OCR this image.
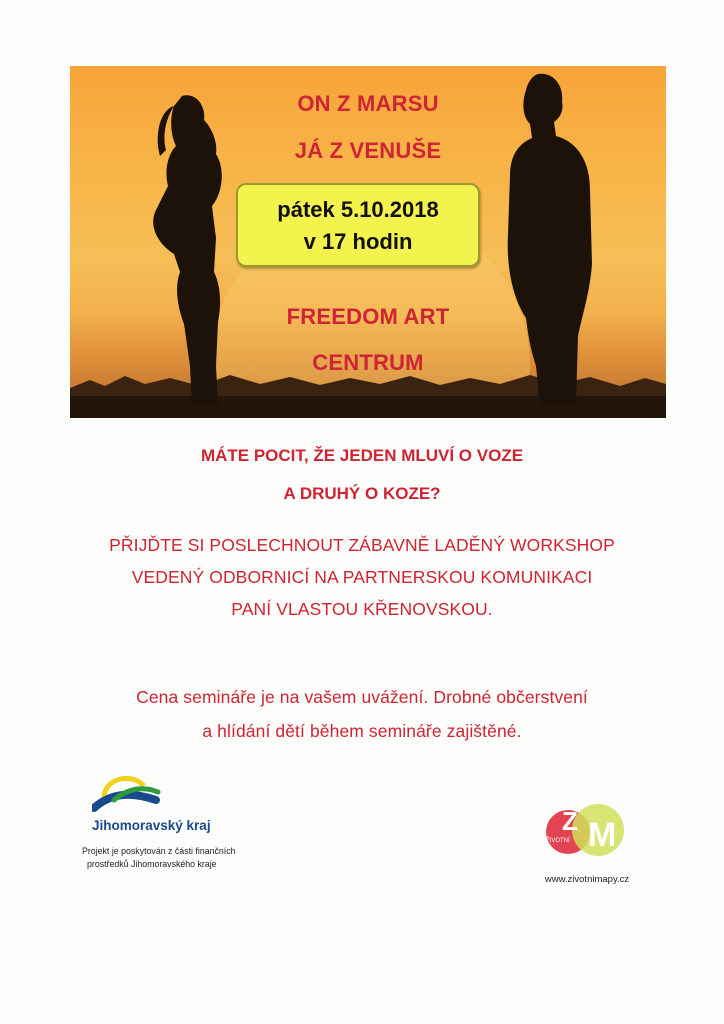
ON Z MARSU
JÁ Z VENUŠE
pátek 5.10.2018
v 17 hodin
FREEDOM ART
CENTRUM
MÁTE POCIT, ŽE JEDEN MLUVÍ O VOZE
A DRUHÝ O KOZE?
PŘIJĎTE SI POSLECHNOUT ZÁBAVNĚ LADĚNÝ WORKSHOP
VEDENÝ ODBORNICÍ NA PARTNERSKOU KOMUNIKACI
PANÍ VLASTOU KŘENOVSKOU.
Cena semináře je na vašem uvážení. Drobné občerstvení
a hlídání dětí během semináře zajištěné.
Jihomoravský kraj
Projekt je poskytován z části finančních
prostředků Jihomoravského kraje
Z M
ŽIVOTNÍ
www.zivotnimapy.cz
